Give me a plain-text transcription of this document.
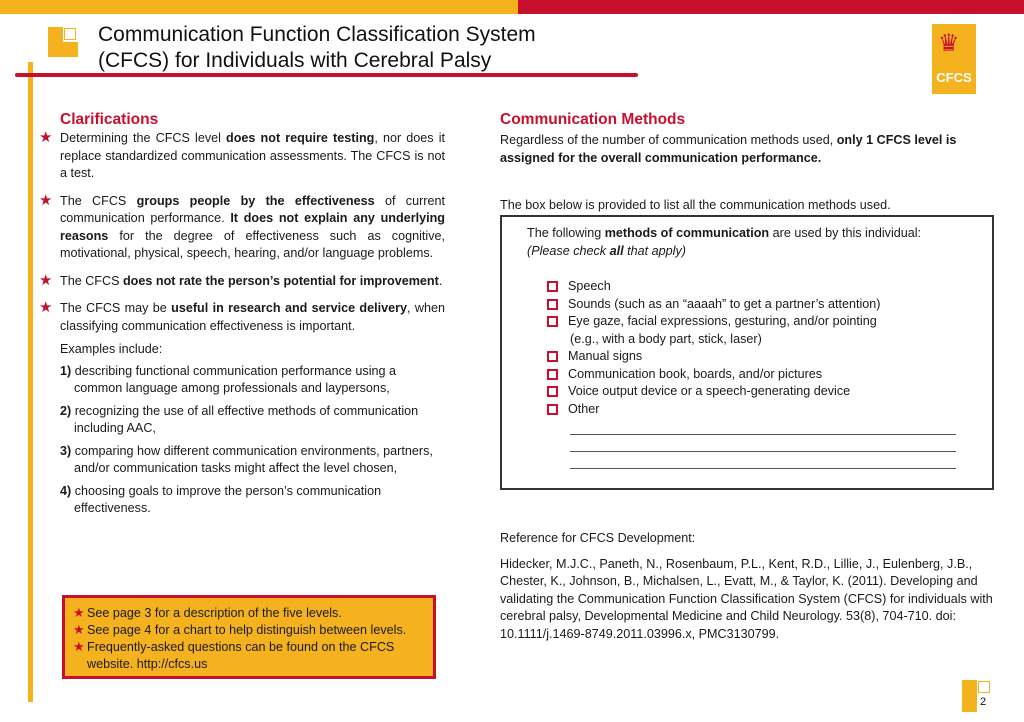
Communication Function Classification System
(CFCS) for Individuals with Cerebral Palsy
♛
CFCS
Clarifications
★ Determining the CFCS level does not require testing, nor does it replace standardized communication assessments. The CFCS is not a test.
★ The CFCS groups people by the effectiveness of current communication performance. It does not explain any underlying reasons for the degree of effectiveness such as cognitive, motivational, physical, speech, hearing, and/or language problems.
★ The CFCS does not rate the person’s potential for improvement.
★ The CFCS may be useful in research and service delivery, when classifying communication effectiveness is important.
Examples include:
1) describing functional communication performance using a common language among professionals and laypersons,
2) recognizing the use of all effective methods of communication including AAC,
3) comparing how different communication environments, partners, and/or communication tasks might affect the level chosen,
4) choosing goals to improve the person’s communication effectiveness.
★ See page 3 for a description of the five levels.
★ See page 4 for a chart to help distinguish between levels.
★ Frequently-asked questions can be found on the CFCS website. http://cfcs.us
Communication Methods
Regardless of the number of communication methods used, only 1 CFCS level is assigned for the overall communication performance.
The box below is provided to list all the communication methods used.
The following methods of communication are used by this individual:
(Please check all that apply)
Speech
Sounds (such as an “aaaah” to get a partner’s attention)
Eye gaze, facial expressions, gesturing, and/or pointing
(e.g., with a body part, stick, laser)
Manual signs
Communication book, boards, and/or pictures
Voice output device or a speech-generating device
Other
Reference for CFCS Development:
Hidecker, M.J.C., Paneth, N., Rosenbaum, P.L., Kent, R.D., Lillie, J., Eulenberg, J.B., Chester, K., Johnson, B., Michalsen, L., Evatt, M., & Taylor, K. (2011). Developing and validating the Communication Function Classification System (CFCS) for individuals with cerebral palsy, Developmental Medicine and Child Neurology. 53(8), 704-710. doi: 10.1111/j.1469-8749.2011.03996.x, PMC3130799.
2
